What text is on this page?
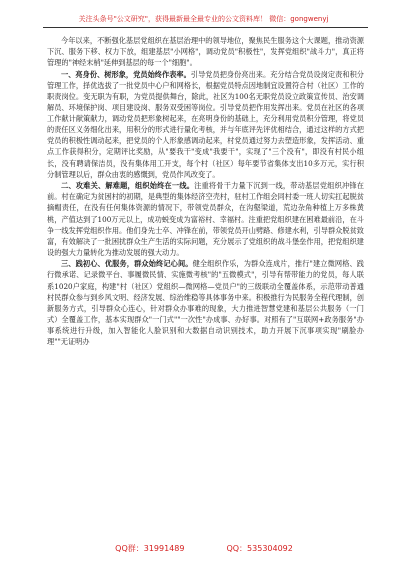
关注头条号"公文研究"，获得最新最全最专业的公文资料库！ 微信：gongwenyj

今年以来，不断强化基层党组织在基层治理中的领导地位，聚焦民生服务这个大课题，推动资源下沉、服务下移、权力下放，组建基层"小网格"，调动党员"积极性"，发挥党组织"战斗力"，真正将管理的"神经末梢"延伸到基层的每一个"细胞"。

一、亮身份、树形象，党员始终作表率。引导党员把身份亮出来。充分结合党员设岗定责和积分管理工作，择优选拔了一批党员中心户和网格长，根据党员特点因地制宜设置符合村（社区）工作的职责岗位。变无职为有职，为党员提供舞台，除此，社区为100名无职党员设立政策宣传员、治安调解员、环境保护岗、项目建设岗、服务双受困等岗位。引导党员把作用发挥出来。党员在社区的各项工作献计献策献力，调动党员把形象树起来，在亮明身份的基础上，充分利用党员积分管理，将党员的责任区义务细化出来，用积分的形式进行量化考核，并与年底评先评优相结合，通过这样的方式把党员的积极性调动起来，把党员的个人形象感调动起来，村党员通过努力去塑造形象，发挥活动、重点工作获得积分，定期评比奖励，从"要我干"变成"我要干"，实现了"三个没有"，即没有村民小组长，没有聘请保洁员，没有集体用工开支，每个村（社区）每年要节省集体支出10多万元，实行积分制管理以后，群众由衷的感慨到，党员作风改变了。

二、攻难关、解难题，组织始终在一线。注重将骨干力量下沉到一线，带动基层党组织冲锋在前。村在确定为贫困村的初期，是典型的集体经济空壳村，驻村工作组会同村委一班人切实扛起脱贫摘帽责任，在没有任何集体资源的情况下，带领党员群众，在沟壑梁道，荒边杂角种植上万多株黄桃，产值达到了100万元以上，成功蜕变成为富裕村、幸福村。注重把党组织建在困难最前沿，在斗争一线发挥党组织作用。他们身先士卒、冲锋在前，带领党员开山劈路、修建水利，引导群众脱贫致富，有效解决了一批困扰群众生产生活的实际问题，充分展示了党组织的战斗堡垒作用，把党组织建设的强大力量转化为推动发展的强大动力。

三、践初心、优服务，群众始终记心间。健全组织作乐，为群众连成片，推行"建立微网格、践行微承诺、记录微平台、事履微民情、实施微考核"的"五微模式"，引导有帮带能力的党员，每人联系1020户家庭，构建"村（社区）党组织—微网格—党员户"的三级联动全覆盖体系，示范带动普通村民群众参与到乡风文明、经济发展、综治维稳等具体事务中来。积极推行为民服务全程代理制，创新服务方式，引导群众心连心，针对群众办事难的现象，大力推进智慧党建和基层公共服务（一门式）全覆盖工作，基本实现群众"一门式""一次性"办成事、办好事。对照有了"互联网+政务服务"办事系统进行升级，加入智能化人脸识别和大数据自动识别技术，助力开展下沉事项实现"刷脸办理""无证明办

QQ群：31991489	QQ：535304092
